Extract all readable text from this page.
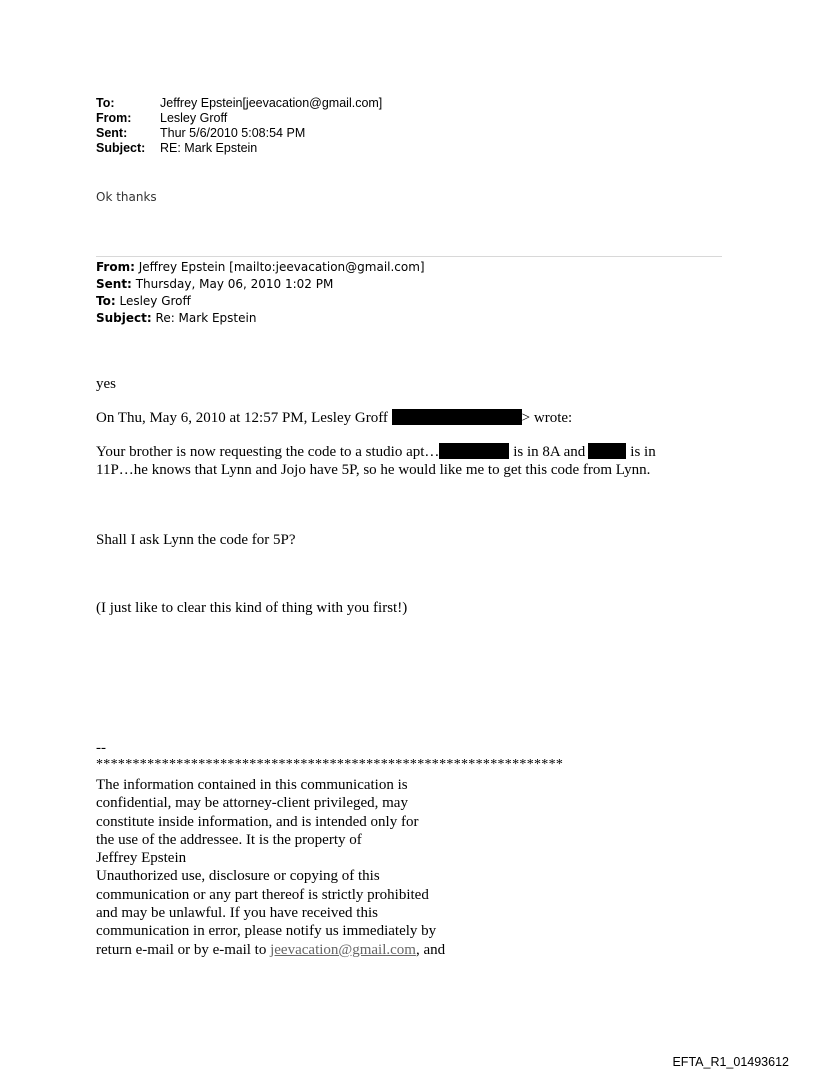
To:	Jeffrey Epstein[jeevacation@gmail.com]
From:	Lesley Groff
Sent:	Thur 5/6/2010 5:08:54 PM
Subject:	RE: Mark Epstein
Ok thanks
From: Jeffrey Epstein [mailto:jeevacation@gmail.com]
Sent: Thursday, May 06, 2010 1:02 PM
To: Lesley Groff
Subject: Re: Mark Epstein
yes
On Thu, May 6, 2010 at 12:57 PM, Lesley Groff	> wrote:
Your brother is now requesting the code to a studio apt…	is in 8A and	is in
11P…he knows that Lynn and Jojo have 5P, so he would like me to get this code from Lynn.
Shall I ask Lynn the code for 5P?
(I just like to clear this kind of thing with you first!)
--
****************************************************************
The information contained in this communication is
confidential, may be attorney-client privileged, may
constitute inside information, and is intended only for
the use of the addressee. It is the property of
Jeffrey Epstein
Unauthorized use, disclosure or copying of this
communication or any part thereof is strictly prohibited
and may be unlawful. If you have received this
communication in error, please notify us immediately by
return e-mail or by e-mail to jeevacation@gmail.com, and
EFTA_R1_01493612
